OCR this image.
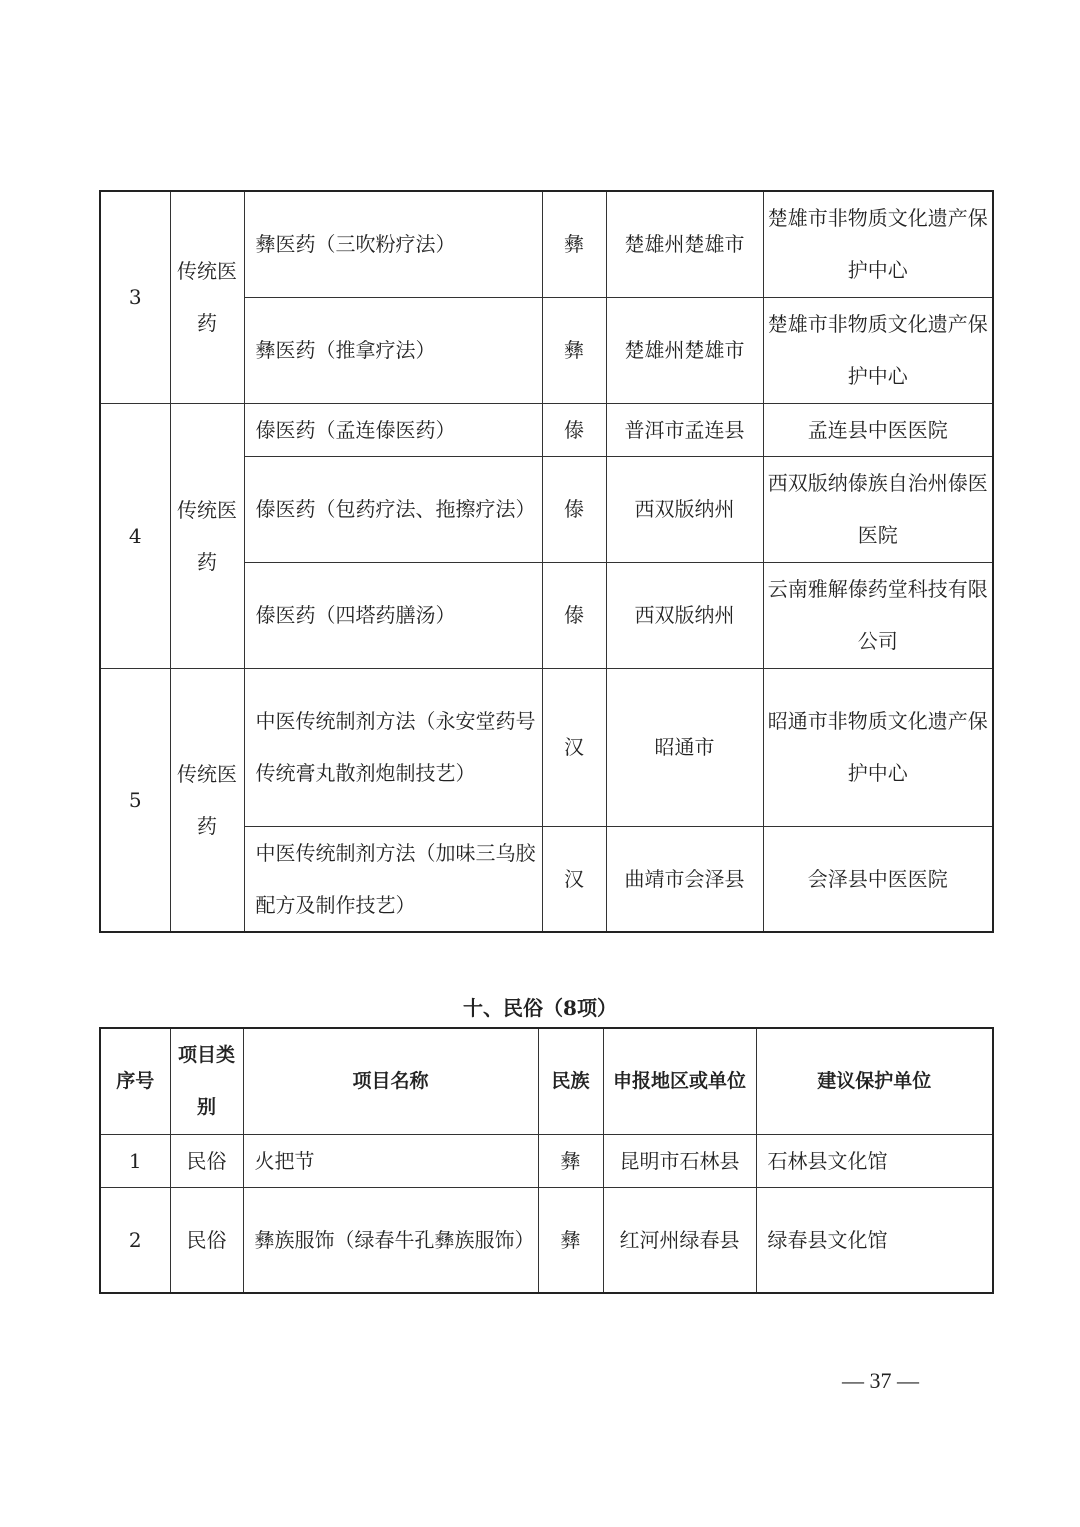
3	传统医药	彝医药（三吹粉疗法）	彝	楚雄州楚雄市	楚雄市非物质文化遗产保护中心
		彝医药（推拿疗法）	彝	楚雄州楚雄市	楚雄市非物质文化遗产保护中心
4	传统医药	傣医药（孟连傣医药）	傣	普洱市孟连县	孟连县中医医院
		傣医药（包药疗法、拖擦疗法）	傣	西双版纳州	西双版纳傣族自治州傣医医院
		傣医药（四塔药膳汤）	傣	西双版纳州	云南雅解傣药堂科技有限公司
5	传统医药	中医传统制剂方法（永安堂药号传统膏丸散剂炮制技艺）	汉	昭通市	昭通市非物质文化遗产保护中心
		中医传统制剂方法（加味三乌胶配方及制作技艺）	汉	曲靖市会泽县	会泽县中医医院
十、民俗（8项）
序号	项目类别	项目名称	民族	申报地区或单位	建议保护单位
1	民俗	火把节	彝	昆明市石林县	石林县文化馆
2	民俗	彝族服饰（绿春牛孔彝族服饰）	彝	红河州绿春县	绿春县文化馆
— 37 —
